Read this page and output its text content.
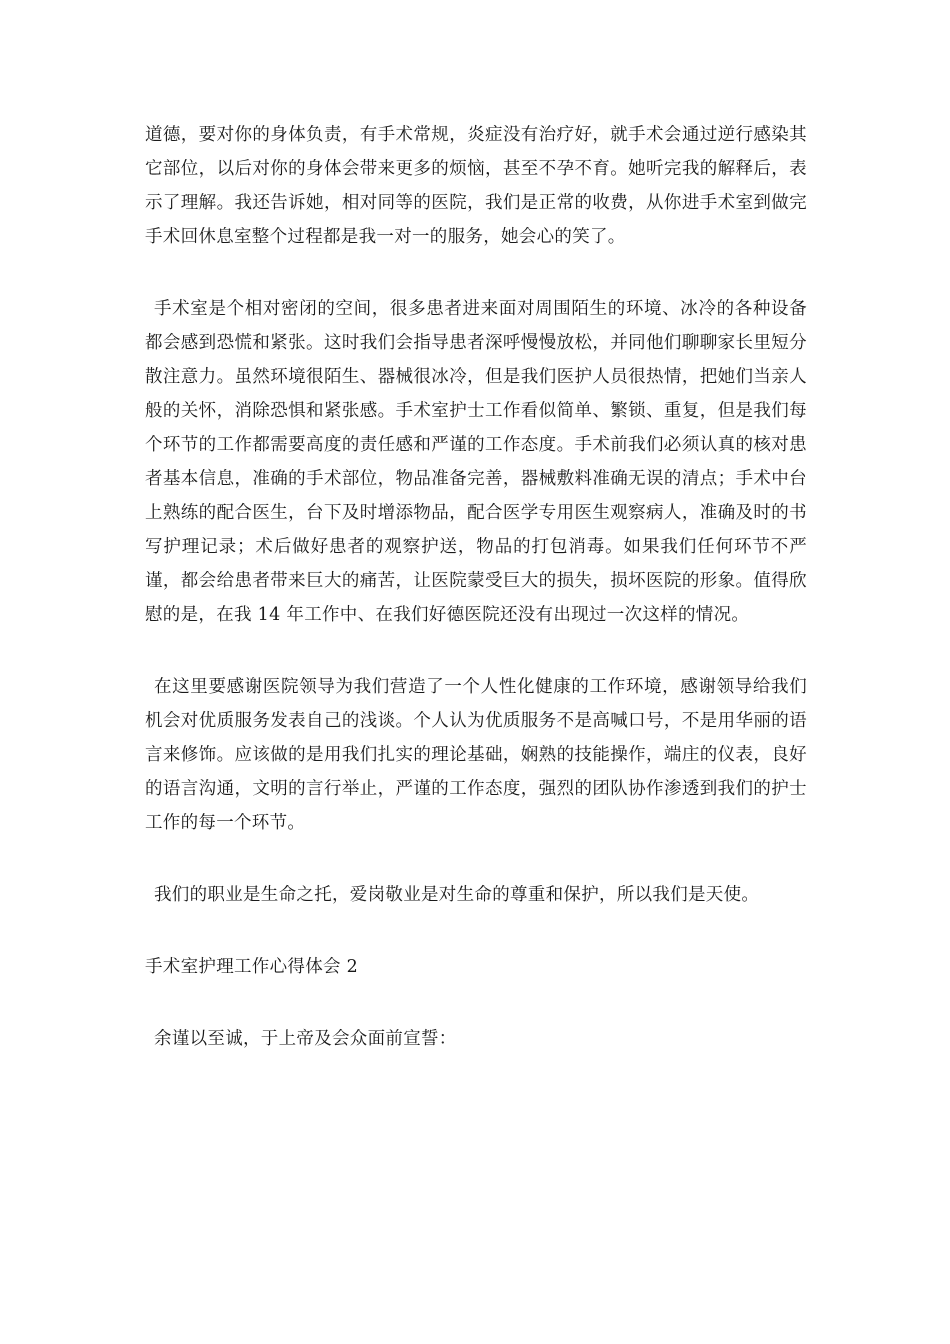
道德，要对你的身体负责，有手术常规，炎症没有治疗好，就手术会通过逆行感染其它部位，以后对你的身体会带来更多的烦恼，甚至不孕不育。她听完我的解释后，表示了理解。我还告诉她，相对同等的医院，我们是正常的收费，从你进手术室到做完手术回休息室整个过程都是我一对一的服务，她会心的笑了。

手术室是个相对密闭的空间，很多患者进来面对周围陌生的环境、冰冷的各种设备都会感到恐慌和紧张。这时我们会指导患者深呼慢慢放松，并同他们聊聊家长里短分散注意力。虽然环境很陌生、器械很冰冷，但是我们医护人员很热情，把她们当亲人般的关怀，消除恐惧和紧张感。手术室护士工作看似简单、繁锁、重复，但是我们每个环节的工作都需要高度的责任感和严谨的工作态度。手术前我们必须认真的核对患者基本信息，准确的手术部位，物品准备完善，器械敷料准确无误的清点；手术中台上熟练的配合医生，台下及时增添物品，配合医学专用医生观察病人，准确及时的书写护理记录；术后做好患者的观察护送，物品的打包消毒。如果我们任何环节不严谨，都会给患者带来巨大的痛苦，让医院蒙受巨大的损失，损坏医院的形象。值得欣慰的是，在我 14 年工作中、在我们好德医院还没有出现过一次这样的情况。

在这里要感谢医院领导为我们营造了一个人性化健康的工作环境，感谢领导给我们机会对优质服务发表自己的浅谈。个人认为优质服务不是高喊口号，不是用华丽的语言来修饰。应该做的是用我们扎实的理论基础，娴熟的技能操作，端庄的仪表，良好的语言沟通，文明的言行举止，严谨的工作态度，强烈的团队协作渗透到我们的护士工作的每一个环节。

我们的职业是生命之托，爱岗敬业是对生命的尊重和保护，所以我们是天使。

手术室护理工作心得体会 2

余谨以至诚，于上帝及会众面前宣誓：
